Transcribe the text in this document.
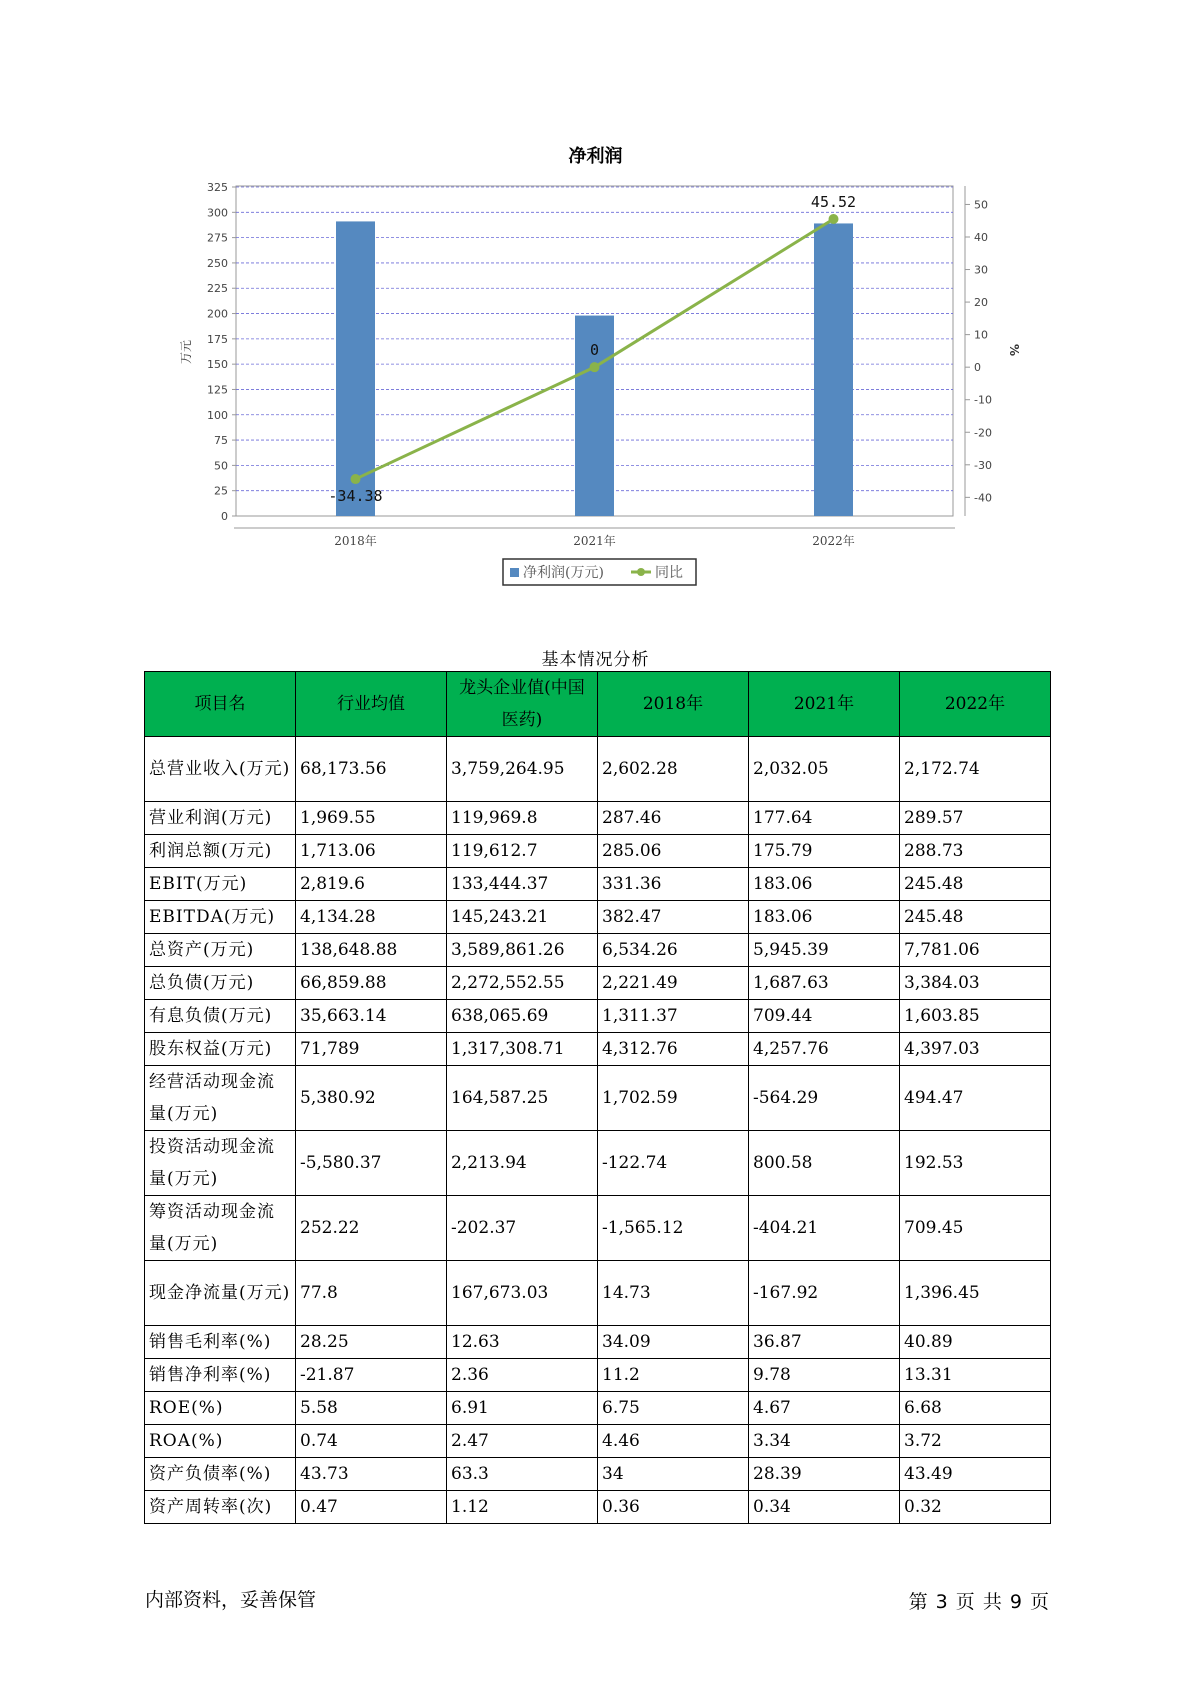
净利润
0
25
50
75
100
125
150
175
200
225
250
275
300
325
-40
-30
-20
-10
0
10
20
30
40
50
万元	%
2018年	2021年	2022年
-34.38
0
45.52
净利润(万元)	同比
基本情况分析
项目名	行业均值	龙头企业值(中国医药)	2018年	2021年	2022年
总营业收入(万元)	68,173.56	3,759,264.95	2,602.28	2,032.05	2,172.74
营业利润(万元)	1,969.55	119,969.8	287.46	177.64	289.57
利润总额(万元)	1,713.06	119,612.7	285.06	175.79	288.73
EBIT(万元)	2,819.6	133,444.37	331.36	183.06	245.48
EBITDA(万元)	4,134.28	145,243.21	382.47	183.06	245.48
总资产(万元)	138,648.88	3,589,861.26	6,534.26	5,945.39	7,781.06
总负债(万元)	66,859.88	2,272,552.55	2,221.49	1,687.63	3,384.03
有息负债(万元)	35,663.14	638,065.69	1,311.37	709.44	1,603.85
股东权益(万元)	71,789	1,317,308.71	4,312.76	4,257.76	4,397.03
经营活动现金流量(万元)	5,380.92	164,587.25	1,702.59	-564.29	494.47
投资活动现金流量(万元)	-5,580.37	2,213.94	-122.74	800.58	192.53
筹资活动现金流量(万元)	252.22	-202.37	-1,565.12	-404.21	709.45
现金净流量(万元)	77.8	167,673.03	14.73	-167.92	1,396.45
销售毛利率(%)	28.25	12.63	34.09	36.87	40.89
销售净利率(%)	-21.87	2.36	11.2	9.78	13.31
ROE(%)	5.58	6.91	6.75	4.67	6.68
ROA(%)	0.74	2.47	4.46	3.34	3.72
资产负债率(%)	43.73	63.3	34	28.39	43.49
资产周转率(次)	0.47	1.12	0.36	0.34	0.32
内部资料，妥善保管	第 3 页 共 9 页
